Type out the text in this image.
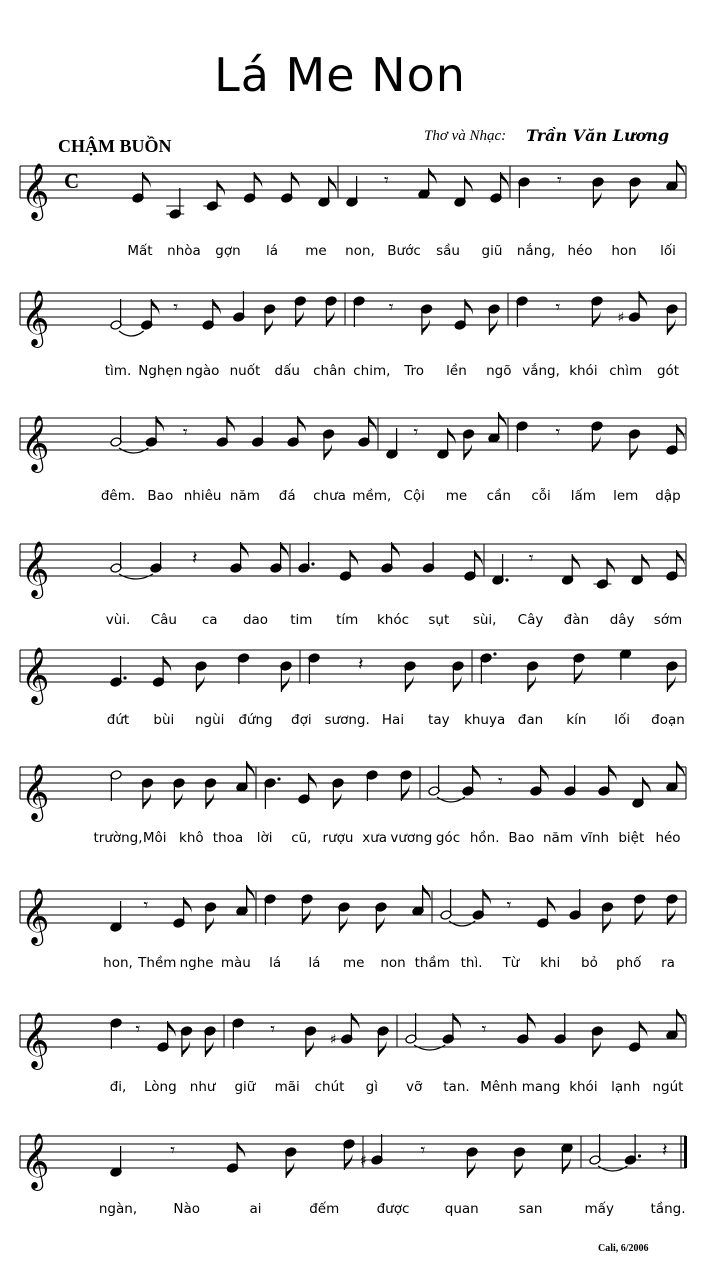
𝄞 C	𝄾	𝄾
Mất nhòa gợn lá me non, Bước sầu giũ nắng, héo hon lối
𝄞	𝄾	𝄾	𝄾	♯
tìm. Nghẹn ngào nuốt dấu chân chim, Tro lền ngõ vắng, khói chìm gót
𝄞	𝄾	𝄾	𝄾
đêm. Bao nhiêu năm đá chưa mềm, Cội me cần cỗi lấm lem dập
𝄞	𝄽	𝄾
vùi. Câu ca dao tim tím khóc sụt sùi, Cây đàn dây sớm
𝄞	𝄽
đứt bùi ngùi đứng đợi sương. Hai tay khuya đan kín lối đoạn
𝄞	𝄾
trường, Môi khô thoa lời cũ, rượu xưa vương góc hồn. Bao năm vĩnh biệt héo
𝄞	𝄾	𝄾
hon, Thềm nghe màu lá lá me non thầm thì. Từ khi bỏ phố ra
𝄞	𝄾	𝄾	♯	𝄾
đi, Lòng như giữ mãi chút gì vỡ tan. Mênh mang khói lạnh ngút
𝄞	𝄾	♯	𝄾	𝄽
ngàn,	Nào	ai	đếm	được	quan	san	mấy	tầng.
Lá Me Non
CHẬM BUỒN	Thơ và Nhạc: Trần Văn Lương
Cali, 6/2006
